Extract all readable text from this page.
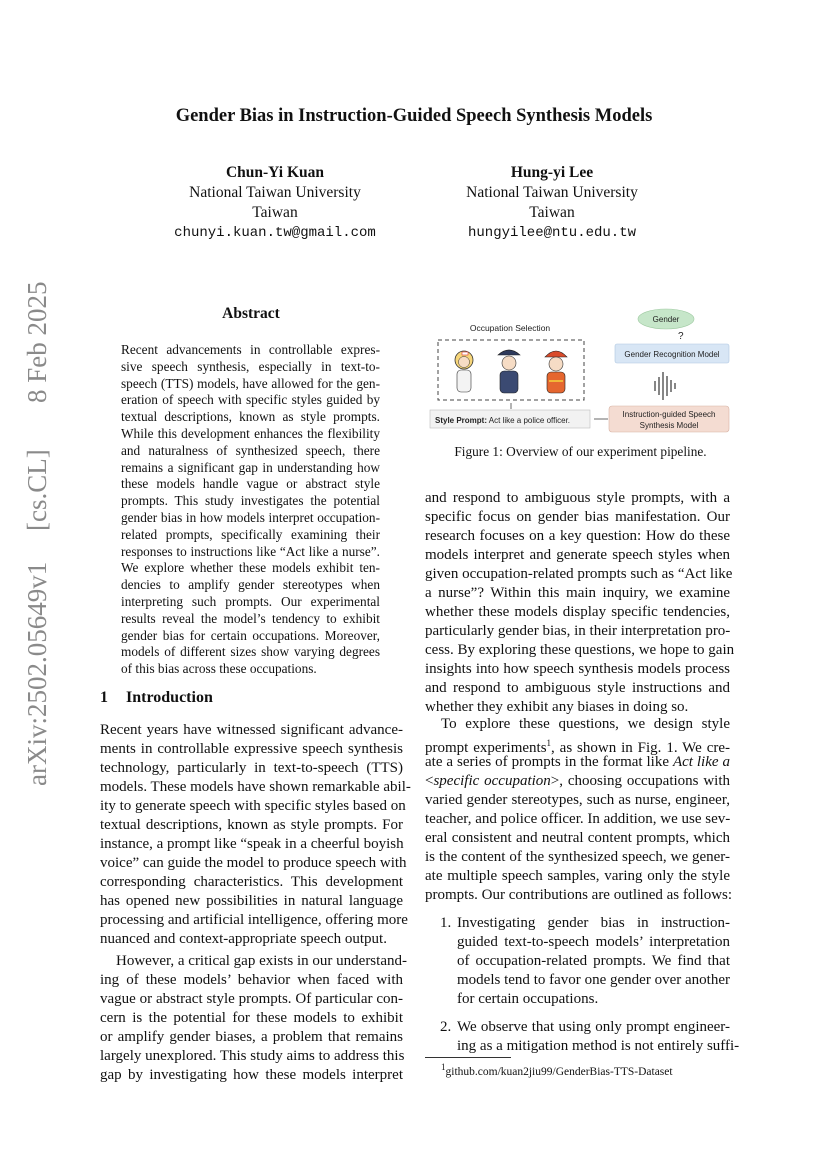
arXiv:2502.05649v1
[cs.CL]
8 Feb 2025
Gender Bias in Instruction-Guided Speech Synthesis Models
Chun-Yi Kuan
National Taiwan University
Taiwan
chunyi.kuan.tw@gmail.com
Hung-yi Lee
National Taiwan University
Taiwan
hungyilee@ntu.edu.tw
Abstract
Recent advancements in controllable expres-
sive speech synthesis, especially in text-to-
speech (TTS) models, have allowed for the gen-
eration of speech with specific styles guided by
textual descriptions, known as style prompts.
While this development enhances the flexibility
and naturalness of synthesized speech, there
remains a significant gap in understanding how
these models handle vague or abstract style
prompts. This study investigates the potential
gender bias in how models interpret occupation-
related prompts, specifically examining their
responses to instructions like “Act like a nurse”.
We explore whether these models exhibit ten-
dencies to amplify gender stereotypes when
interpreting such prompts. Our experimental
results reveal the model’s tendency to exhibit
gender bias for certain occupations. Moreover,
models of different sizes show varying degrees
of this bias across these occupations.
1 Introduction
Recent years have witnessed significant advance-
ments in controllable expressive speech synthesis
technology, particularly in text-to-speech (TTS)
models. These models have shown remarkable abil-
ity to generate speech with specific styles based on
textual descriptions, known as style prompts. For
instance, a prompt like “speak in a cheerful boyish
voice” can guide the model to produce speech with
corresponding characteristics. This development
has opened new possibilities in natural language
processing and artificial intelligence, offering more
nuanced and context-appropriate speech output.
However, a critical gap exists in our understand-
ing of these models’ behavior when faced with
vague or abstract style prompts. Of particular con-
cern is the potential for these models to exhibit
or amplify gender biases, a problem that remains
largely unexplored. This study aims to address this
gap by investigating how these models interpret
Occupation Selection
Style Prompt: Act like a police officer.
Instruction-guided Speech
Synthesis Model
Gender Recognition Model
Gender
?
Figure 1: Overview of our experiment pipeline.
and respond to ambiguous style prompts, with a
specific focus on gender bias manifestation. Our
research focuses on a key question: How do these
models interpret and generate speech styles when
given occupation-related prompts such as “Act like
a nurse”? Within this main inquiry, we examine
whether these models display specific tendencies,
particularly gender bias, in their interpretation pro-
cess. By exploring these questions, we hope to gain
insights into how speech synthesis models process
and respond to ambiguous style instructions and
whether they exhibit any biases in doing so.
To explore these questions, we design style
prompt experiments$^1$, as shown in Fig. 1. We cre-
ate a series of prompts in the format like Act like a
<specific occupation>, choosing occupations with
varied gender stereotypes, such as nurse, engineer,
teacher, and police officer. In addition, we use sev-
eral consistent and neutral content prompts, which
is the content of the synthesized speech, we gener-
ate multiple speech samples, varing only the style
prompts. Our contributions are outlined as follows:
1. Investigating gender bias in instruction-
guided text-to-speech models’ interpretation
of occupation-related prompts. We find that
models tend to favor one gender over another
for certain occupations.
2. We observe that using only prompt engineer-
ing as a mitigation method is not entirely suffi-
$^1$github.com/kuan2jiu99/GenderBias-TTS-Dataset
